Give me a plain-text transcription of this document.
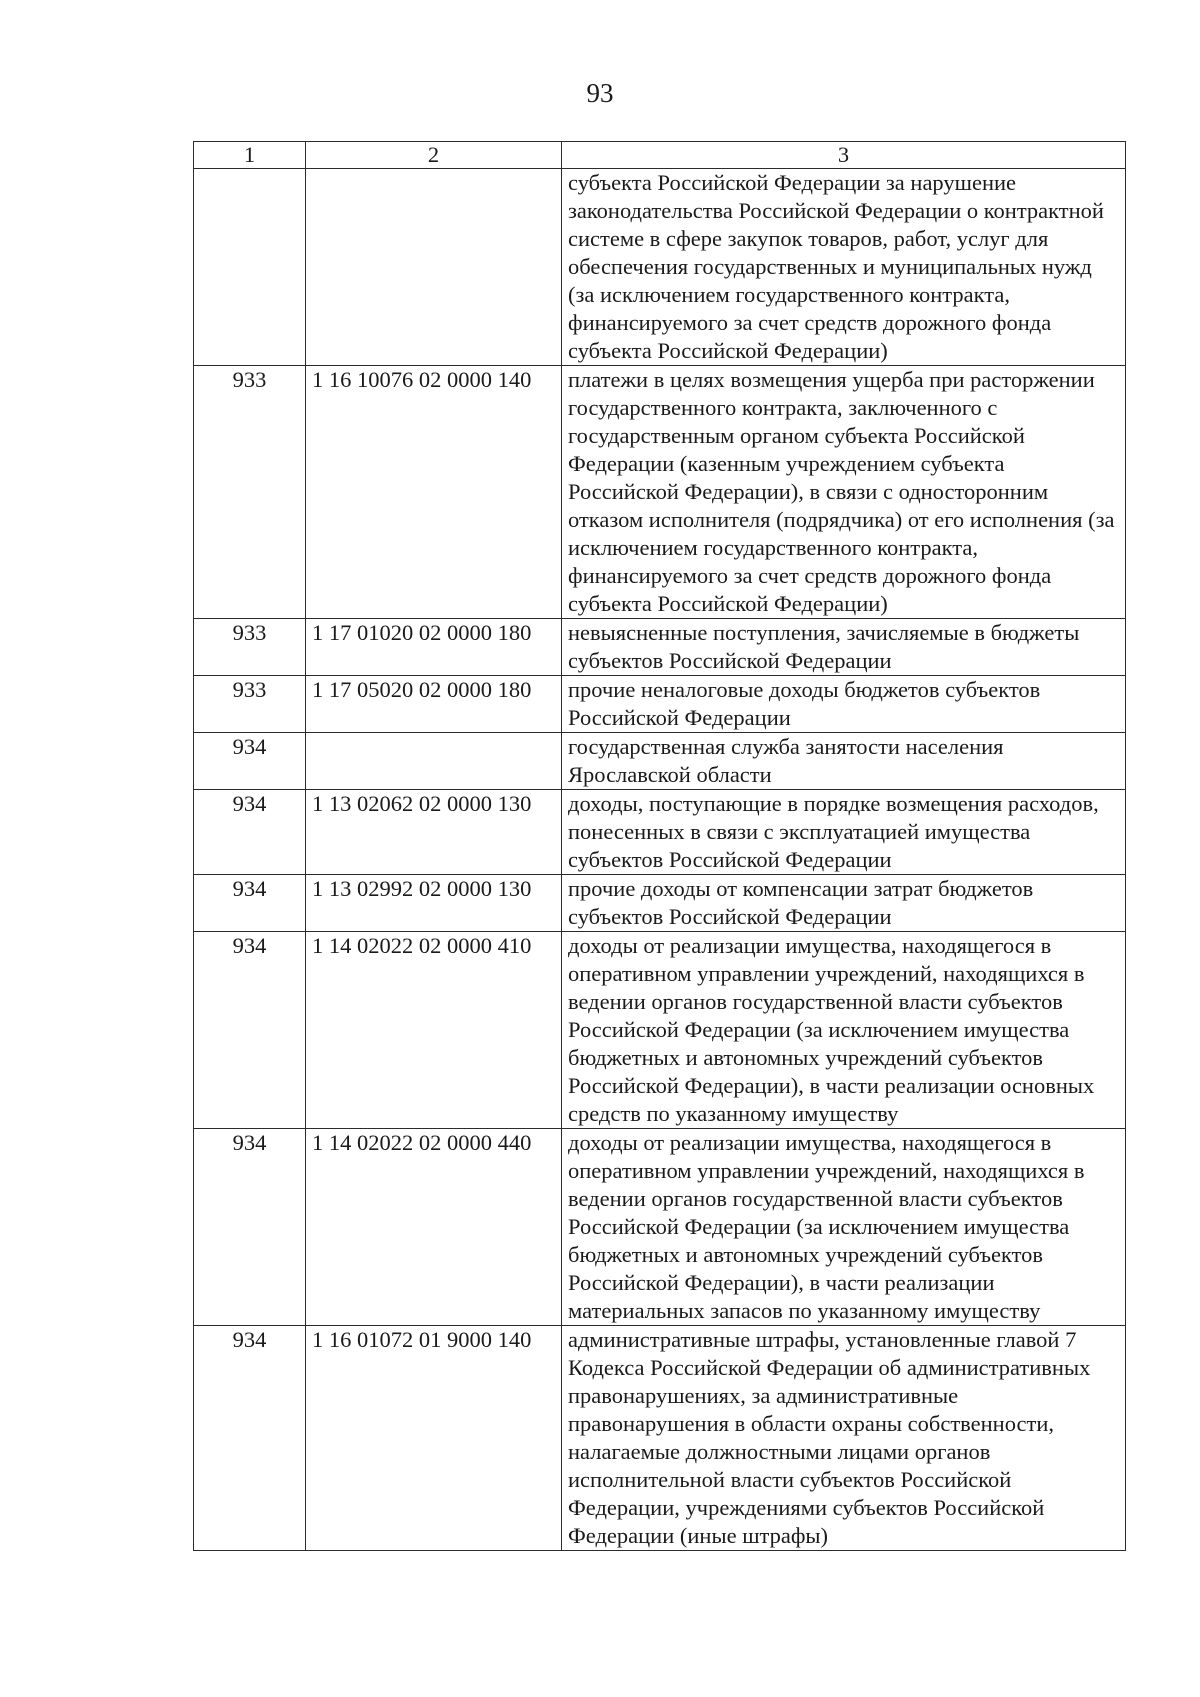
93
1	2	3
		субъекта Российской Федерации за нарушение законодательства Российской Федерации о контрактной системе в сфере закупок товаров, работ, услуг для обеспечения государственных и муниципальных нужд (за исключением государственного контракта, финансируемого за счет средств дорожного фонда субъекта Российской Федерации)
933	1 16 10076 02 0000 140	платежи в целях возмещения ущерба при расторжении государственного контракта, заключенного с государственным органом субъекта Российской Федерации (казенным учреждением субъекта Российской Федерации), в связи с односторонним отказом исполнителя (подрядчика) от его исполнения (за исключением государственного контракта, финансируемого за счет средств дорожного фонда субъекта Российской Федерации)
933	1 17 01020 02 0000 180	невыясненные поступления, зачисляемые в бюджеты субъектов Российской Федерации
933	1 17 05020 02 0000 180	прочие неналоговые доходы бюджетов субъектов Российской Федерации
934		государственная служба занятости населения Ярославской области
934	1 13 02062 02 0000 130	доходы, поступающие в порядке возмещения расходов, понесенных в связи с эксплуатацией имущества субъектов Российской Федерации
934	1 13 02992 02 0000 130	прочие доходы от компенсации затрат бюджетов субъектов Российской Федерации
934	1 14 02022 02 0000 410	доходы от реализации имущества, находящегося в оперативном управлении учреждений, находящихся в ведении органов государственной власти субъектов Российской Федерации (за исключением имущества бюджетных и автономных учреждений субъектов Российской Федерации), в части реализации основных средств по указанному имуществу
934	1 14 02022 02 0000 440	доходы от реализации имущества, находящегося в оперативном управлении учреждений, находящихся в ведении органов государственной власти субъектов Российской Федерации (за исключением имущества бюджетных и автономных учреждений субъектов Российской Федерации), в части реализации материальных запасов по указанному имуществу
934	1 16 01072 01 9000 140	административные штрафы, установленные главой 7 Кодекса Российской Федерации об административных правонарушениях, за административные правонарушения в области охраны собственности, налагаемые должностными лицами органов исполнительной власти субъектов Российской Федерации, учреждениями субъектов Российской Федерации (иные штрафы)
